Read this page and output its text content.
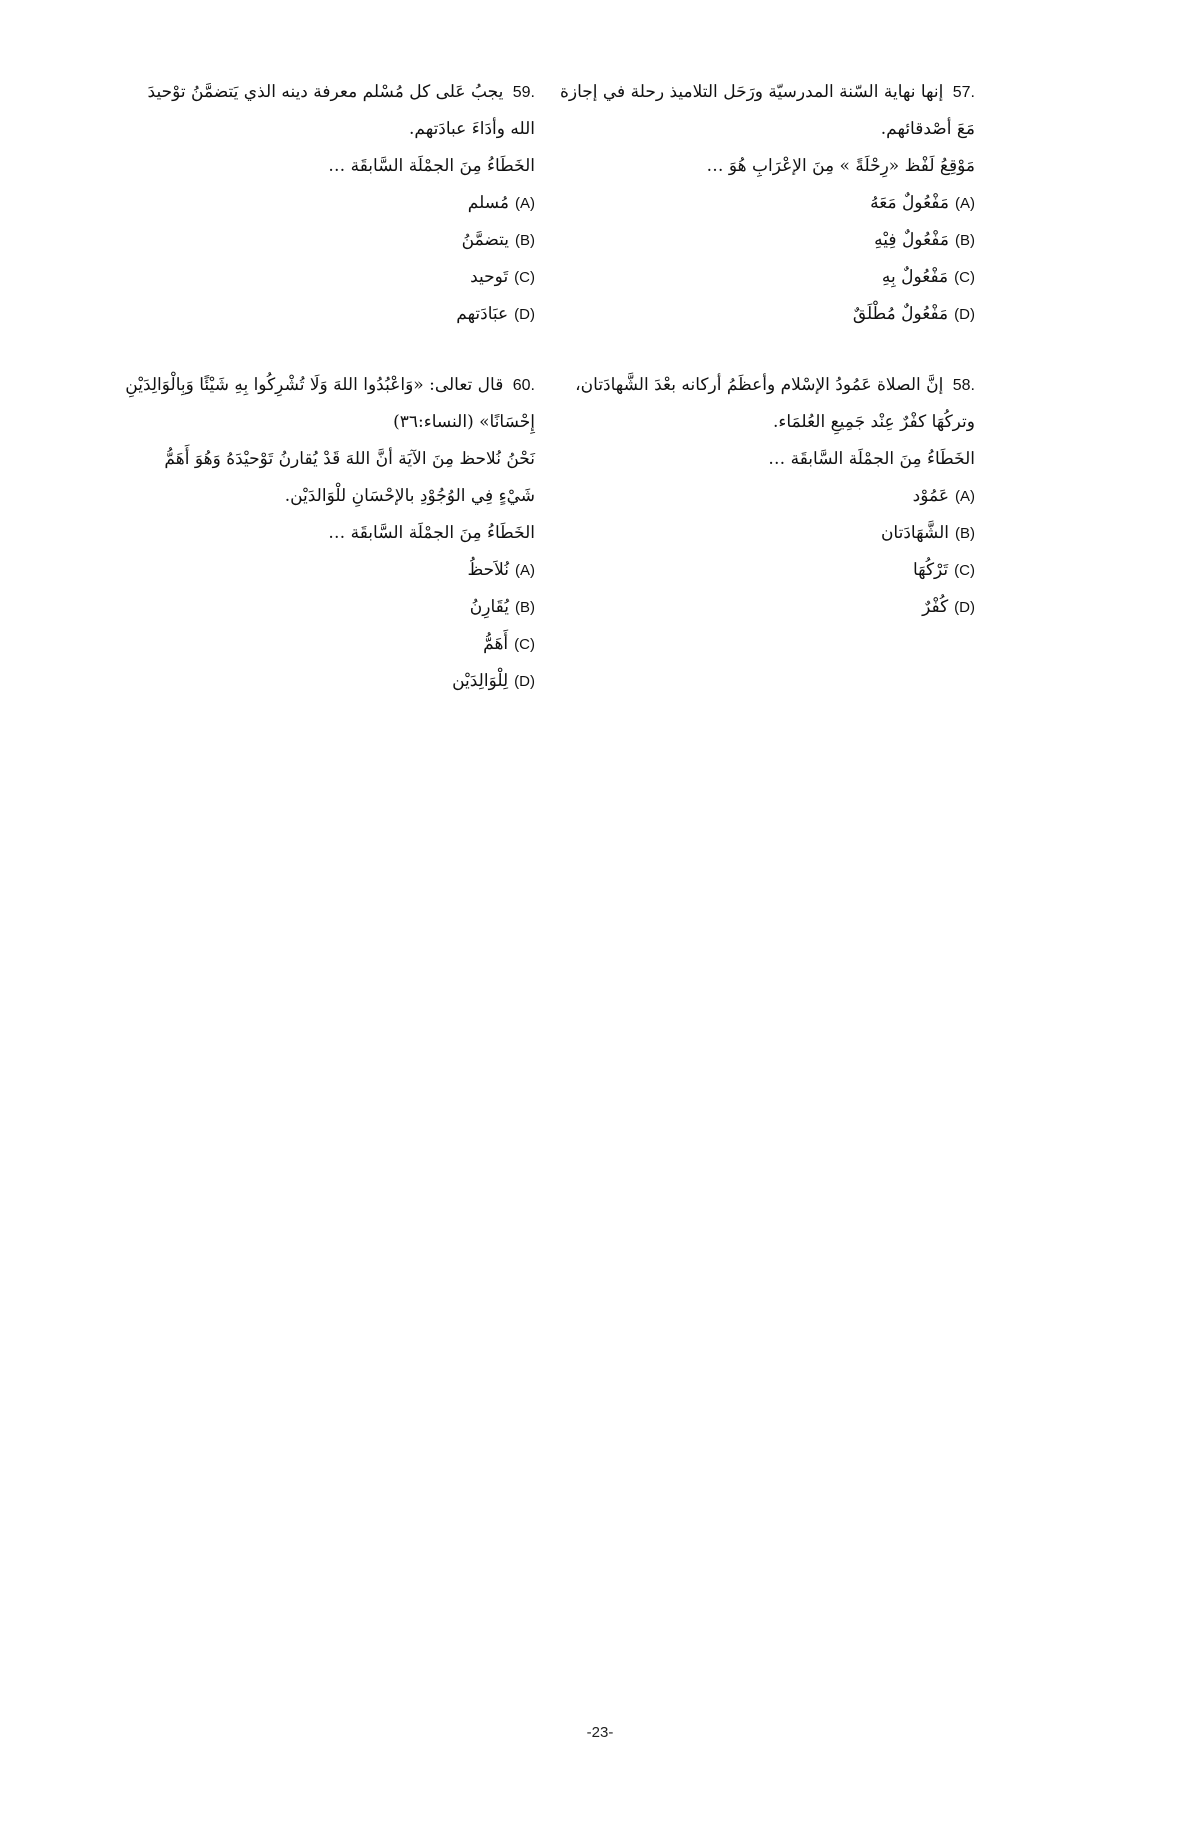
57. إنها نهاية السّنة المدرسيّة ورَحَل التلاميذ رحلة في إجازة
مَعَ أصْدقائهم.
مَوْقِعُ لَفْظ «رِحْلَةً » مِنَ الإعْرَابِ هُوَ …
(A)مَفْعُولٌ مَعَهُ
(B)مَفْعُولٌ فِيْهِ
(C)مَفْعُولٌ بِهِ
(D)مَفْعُولٌ مُطْلَقٌ
58. إنَّ الصلاة عَمُودُ الإسْلام وأعظَمُ أركانه بعْدَ الشَّهادَتان،
وتركُهَا كفْرٌ عِنْد جَمِيعِ العُلمَاء.
الخَطَاءُ مِنَ الجمْلَة السَّابقَة …
(A)عَمُوْد
(B)الشَّهَادَتان
(C)تَرْكُهَا
(D)كُفْرٌ
59. يجبُ عَلى كل مُسْلم معرفة دينه الذي يَتضمَّنُ توْحيدَ
الله وأدَاءَ عبادَتهم.
الخَطَاءُ مِنَ الجمْلَة السَّابقَة …
(A)مُسلم
(B)يتضمَّنُ
(C)تَوحيد
(D)عبَادَتهم
60. قال تعالى: «وَاعْبُدُوا اللهَ وَلَا تُشْرِكُوا بِهِ شَيْئًا وَبِالْوَالِدَيْنِ
إِحْسَانًا» (النساء:٣٦)
نَحْنُ نُلاحظ مِنَ الآيَة أنَّ اللهَ قَدْ يُقارنُ تَوْحيْدَهُ وَهُوَ أَهَمُّ
شَيْءٍ فِي الوُجُوْدِ بالإحْسَانِ للْوَالدَيْن.
الخَطَاءُ مِنَ الجمْلَة السَّابقَة …
(A)نُلاَحظُ
(B)يُقَارِنُ
(C)أَهَمُّ
(D)لِلْوَالِدَيْن
-23-
